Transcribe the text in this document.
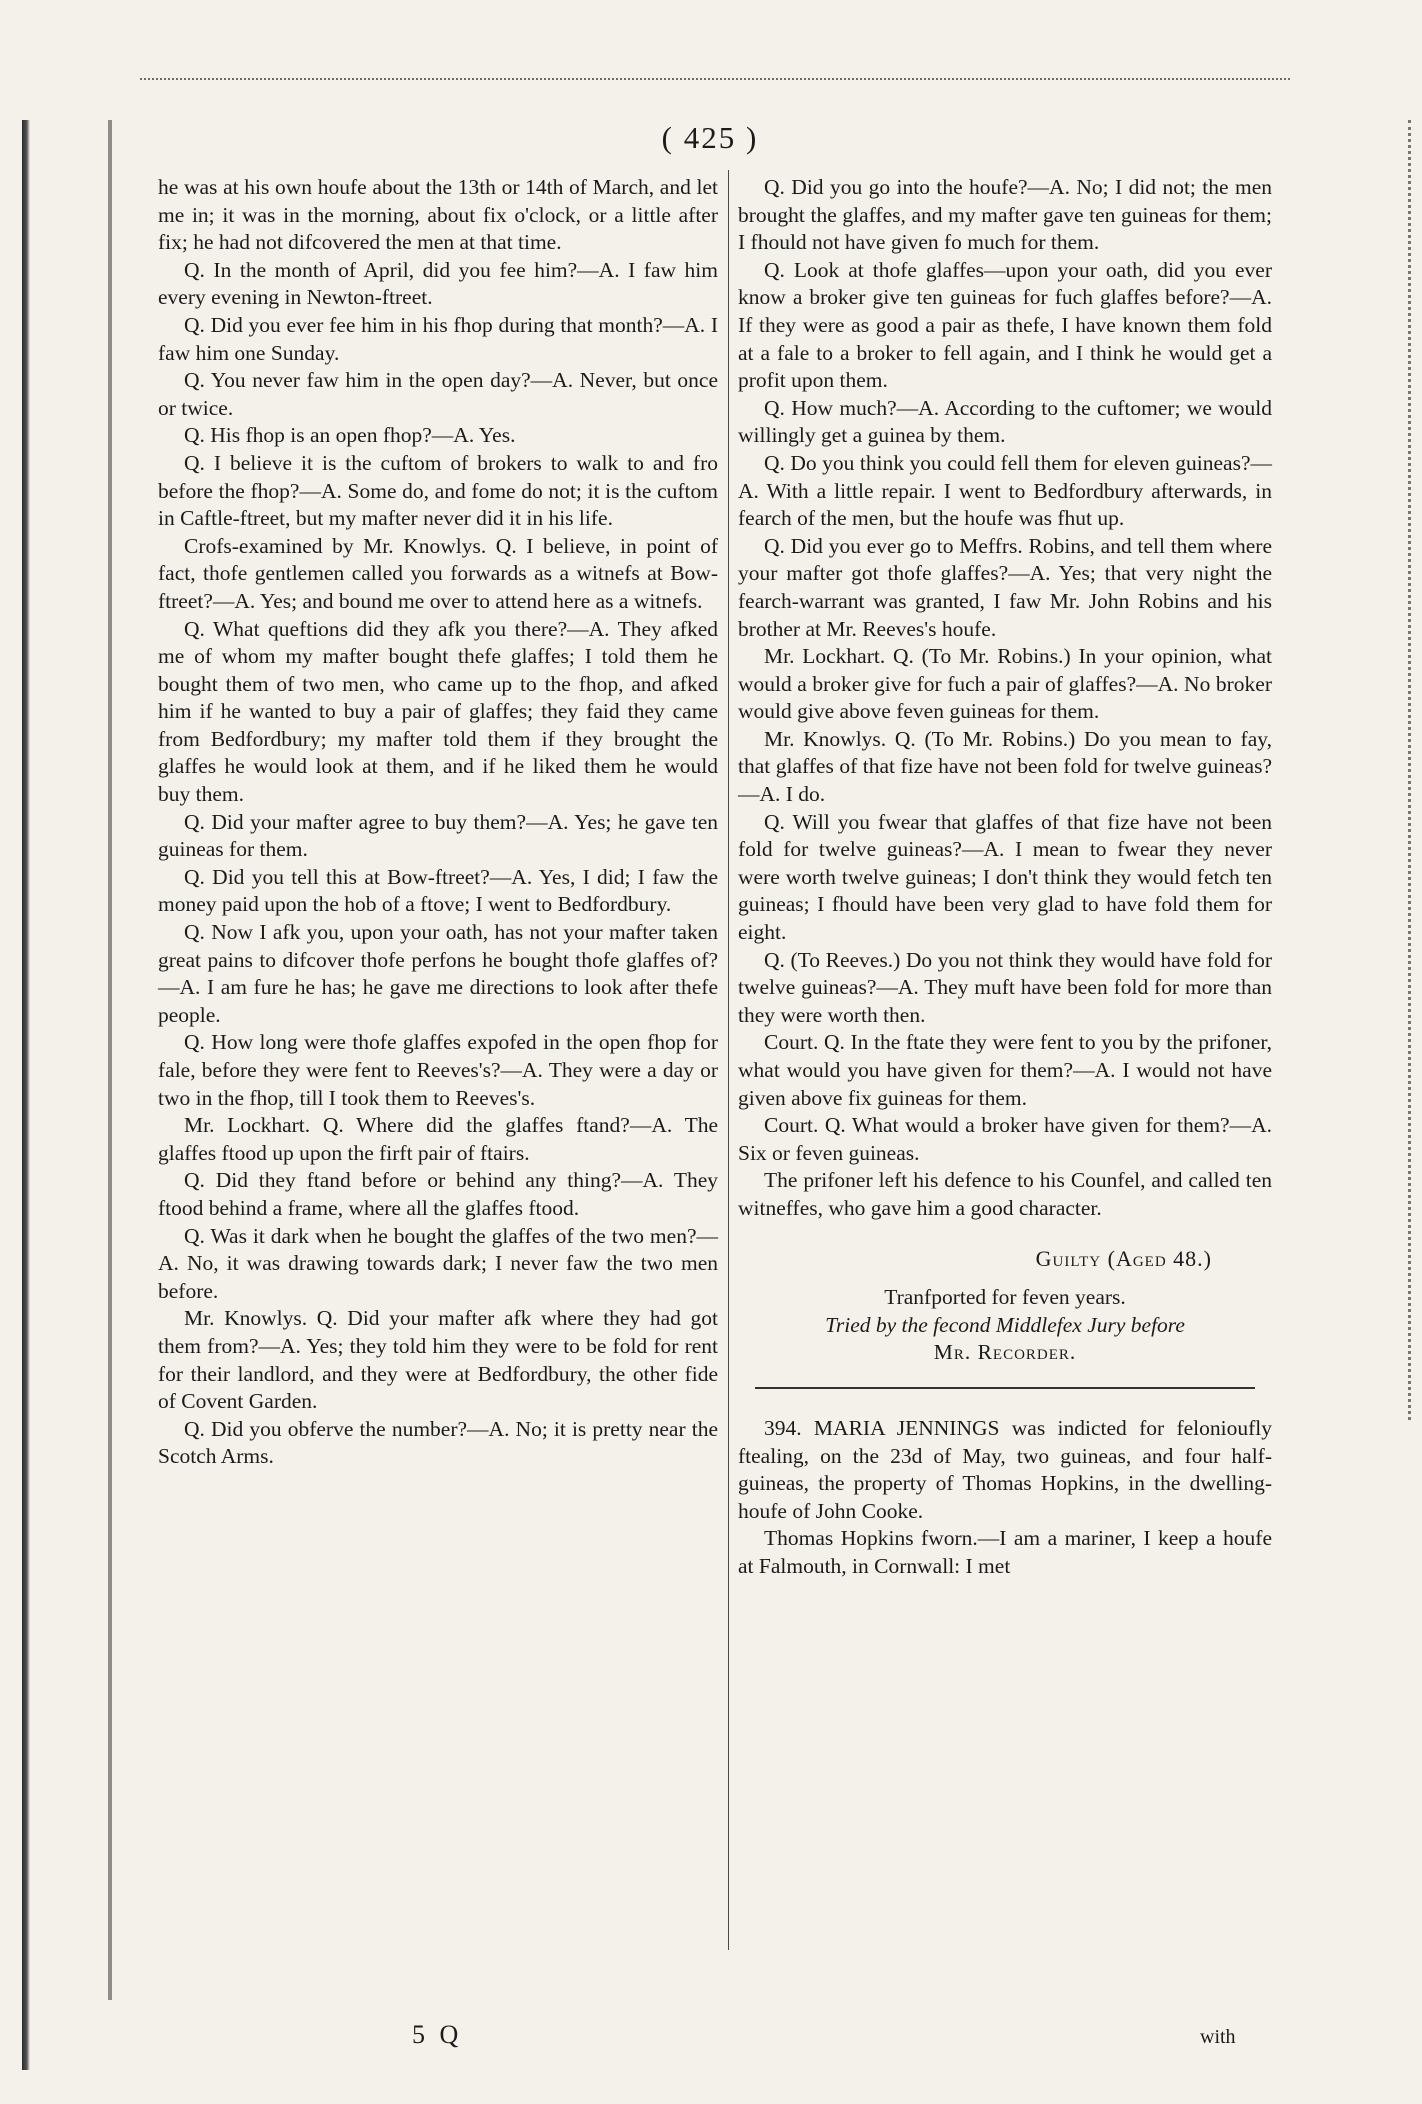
( 425 )

he was at his own houfe about the 13th or 14th of March, and let me in; it was in the morning, about fix o'clock, or a little after fix; he had not difcovered the men at that time.

Q. In the month of April, did you fee him?—A. I faw him every evening in Newton-ftreet.

Q. Did you ever fee him in his fhop during that month?—A. I faw him one Sunday.

Q. You never faw him in the open day?—A. Never, but once or twice.

Q. His fhop is an open fhop?—A. Yes.

Q. I believe it is the cuftom of brokers to walk to and fro before the fhop?—A. Some do, and fome do not; it is the cuftom in Caftle-ftreet, but my mafter never did it in his life.

Crofs-examined by Mr. Knowlys. Q. I believe, in point of fact, thofe gentlemen called you forwards as a witnefs at Bow-ftreet?—A. Yes; and bound me over to attend here as a witnefs.

Q. What queftions did they afk you there?—A. They afked me of whom my mafter bought thefe glaffes; I told them he bought them of two men, who came up to the fhop, and afked him if he wanted to buy a pair of glaffes; they faid they came from Bedfordbury; my mafter told them if they brought the glaffes he would look at them, and if he liked them he would buy them.

Q. Did your mafter agree to buy them?—A. Yes; he gave ten guineas for them.

Q. Did you tell this at Bow-ftreet?—A. Yes, I did; I faw the money paid upon the hob of a ftove; I went to Bedfordbury.

Q. Now I afk you, upon your oath, has not your mafter taken great pains to difcover thofe perfons he bought thofe glaffes of?—A. I am fure he has; he gave me directions to look after thefe people.

Q. How long were thofe glaffes expofed in the open fhop for fale, before they were fent to Reeves's?—A. They were a day or two in the fhop, till I took them to Reeves's.

Mr. Lockhart. Q. Where did the glaffes ftand?—A. The glaffes ftood up upon the firft pair of ftairs.

Q. Did they ftand before or behind any thing?—A. They ftood behind a frame, where all the glaffes ftood.

Q. Was it dark when he bought the glaffes of the two men?—A. No, it was drawing towards dark; I never faw the two men before.

Mr. Knowlys. Q. Did your mafter afk where they had got them from?—A. Yes; they told him they were to be fold for rent for their landlord, and they were at Bedfordbury, the other fide of Covent Garden.

Q. Did you obferve the number?—A. No; it is pretty near the Scotch Arms.

Q. Did you go into the houfe?—A. No; I did not; the men brought the glaffes, and my mafter gave ten guineas for them; I fhould not have given fo much for them.

Q. Look at thofe glaffes—upon your oath, did you ever know a broker give ten guineas for fuch glaffes before?—A. If they were as good a pair as thefe, I have known them fold at a fale to a broker to fell again, and I think he would get a profit upon them.

Q. How much?—A. According to the cuftomer; we would willingly get a guinea by them.

Q. Do you think you could fell them for eleven guineas?—A. With a little repair. I went to Bedfordbury afterwards, in fearch of the men, but the houfe was fhut up.

Q. Did you ever go to Meffrs. Robins, and tell them where your mafter got thofe glaffes?—A. Yes; that very night the fearch-warrant was granted, I faw Mr. John Robins and his brother at Mr. Reeves's houfe.

Mr. Lockhart. Q. (To Mr. Robins.) In your opinion, what would a broker give for fuch a pair of glaffes?—A. No broker would give above feven guineas for them.

Mr. Knowlys. Q. (To Mr. Robins.) Do you mean to fay, that glaffes of that fize have not been fold for twelve guineas?—A. I do.

Q. Will you fwear that glaffes of that fize have not been fold for twelve guineas?—A. I mean to fwear they never were worth twelve guineas; I don't think they would fetch ten guineas; I fhould have been very glad to have fold them for eight.

Q. (To Reeves.) Do you not think they would have fold for twelve guineas?—A. They muft have been fold for more than they were worth then.

Court. Q. In the ftate they were fent to you by the prifoner, what would you have given for them?—A. I would not have given above fix guineas for them.

Court. Q. What would a broker have given for them?—A. Six or feven guineas.

The prifoner left his defence to his Counfel, and called ten witneffes, who gave him a good character.

Guilty (Aged 48.)

Tranfported for feven years.

Tried by the fecond Middlefex Jury before

Mr. Recorder.

394. MARIA JENNINGS was indicted for felonioufly ftealing, on the 23d of May, two guineas, and four half-guineas, the property of Thomas Hopkins, in the dwelling-houfe of John Cooke.

Thomas Hopkins fworn.—I am a mariner, I keep a houfe at Falmouth, in Cornwall: I met

5 Q	with
